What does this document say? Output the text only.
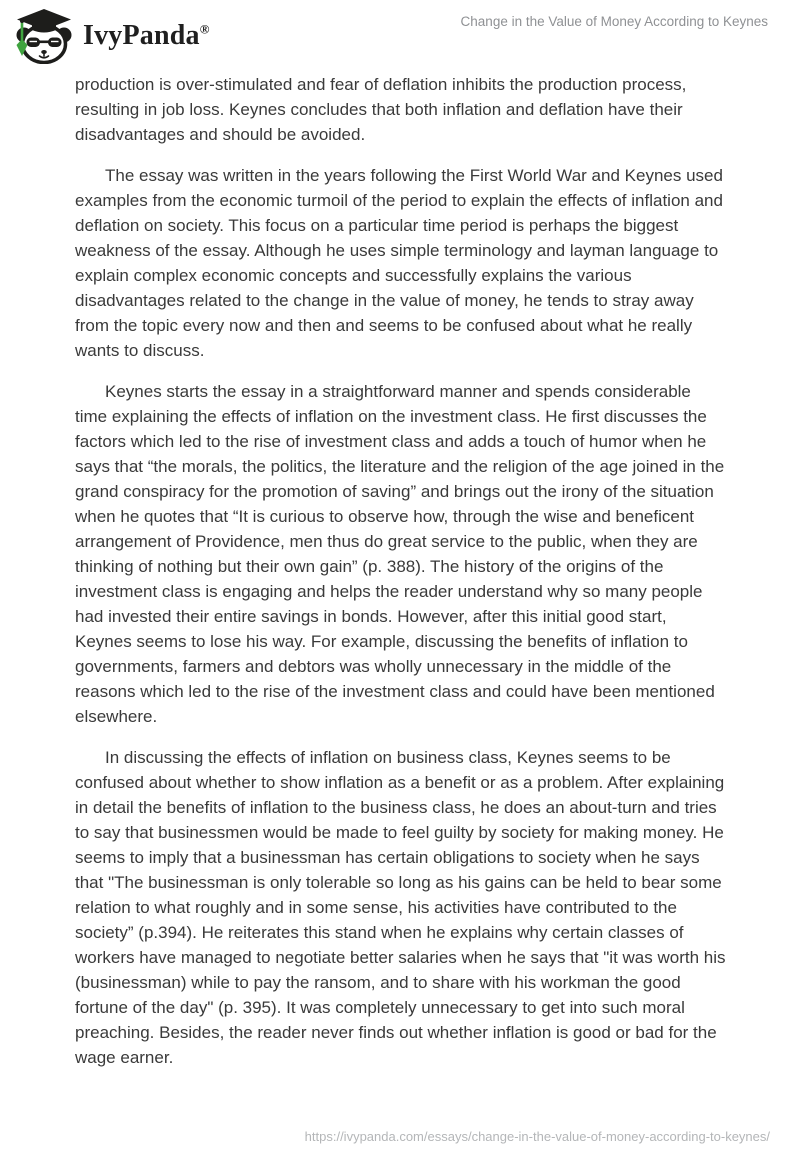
IvyPanda®
Change in the Value of Money According to Keynes

production is over-stimulated and fear of deflation inhibits the production process, resulting in job loss. Keynes concludes that both inflation and deflation have their disadvantages and should be avoided.

The essay was written in the years following the First World War and Keynes used examples from the economic turmoil of the period to explain the effects of inflation and deflation on society. This focus on a particular time period is perhaps the biggest weakness of the essay. Although he uses simple terminology and layman language to explain complex economic concepts and successfully explains the various disadvantages related to the change in the value of money, he tends to stray away from the topic every now and then and seems to be confused about what he really wants to discuss.

Keynes starts the essay in a straightforward manner and spends considerable time explaining the effects of inflation on the investment class. He first discusses the factors which led to the rise of investment class and adds a touch of humor when he says that “the morals, the politics, the literature and the religion of the age joined in the grand conspiracy for the promotion of saving” and brings out the irony of the situation when he quotes that “It is curious to observe how, through the wise and beneficent arrangement of Providence, men thus do great service to the public, when they are thinking of nothing but their own gain” (p. 388). The history of the origins of the investment class is engaging and helps the reader understand why so many people had invested their entire savings in bonds. However, after this initial good start, Keynes seems to lose his way. For example, discussing the benefits of inflation to governments, farmers and debtors was wholly unnecessary in the middle of the reasons which led to the rise of the investment class and could have been mentioned elsewhere.

In discussing the effects of inflation on business class, Keynes seems to be confused about whether to show inflation as a benefit or as a problem. After explaining in detail the benefits of inflation to the business class, he does an about-turn and tries to say that businessmen would be made to feel guilty by society for making money. He seems to imply that a businessman has certain obligations to society when he says that "The businessman is only tolerable so long as his gains can be held to bear some relation to what roughly and in some sense, his activities have contributed to the society” (p.394). He reiterates this stand when he explains why certain classes of workers have managed to negotiate better salaries when he says that "it was worth his (businessman) while to pay the ransom, and to share with his workman the good fortune of the day" (p. 395). It was completely unnecessary to get into such moral preaching. Besides, the reader never finds out whether inflation is good or bad for the wage earner.

https://ivypanda.com/essays/change-in-the-value-of-money-according-to-keynes/
